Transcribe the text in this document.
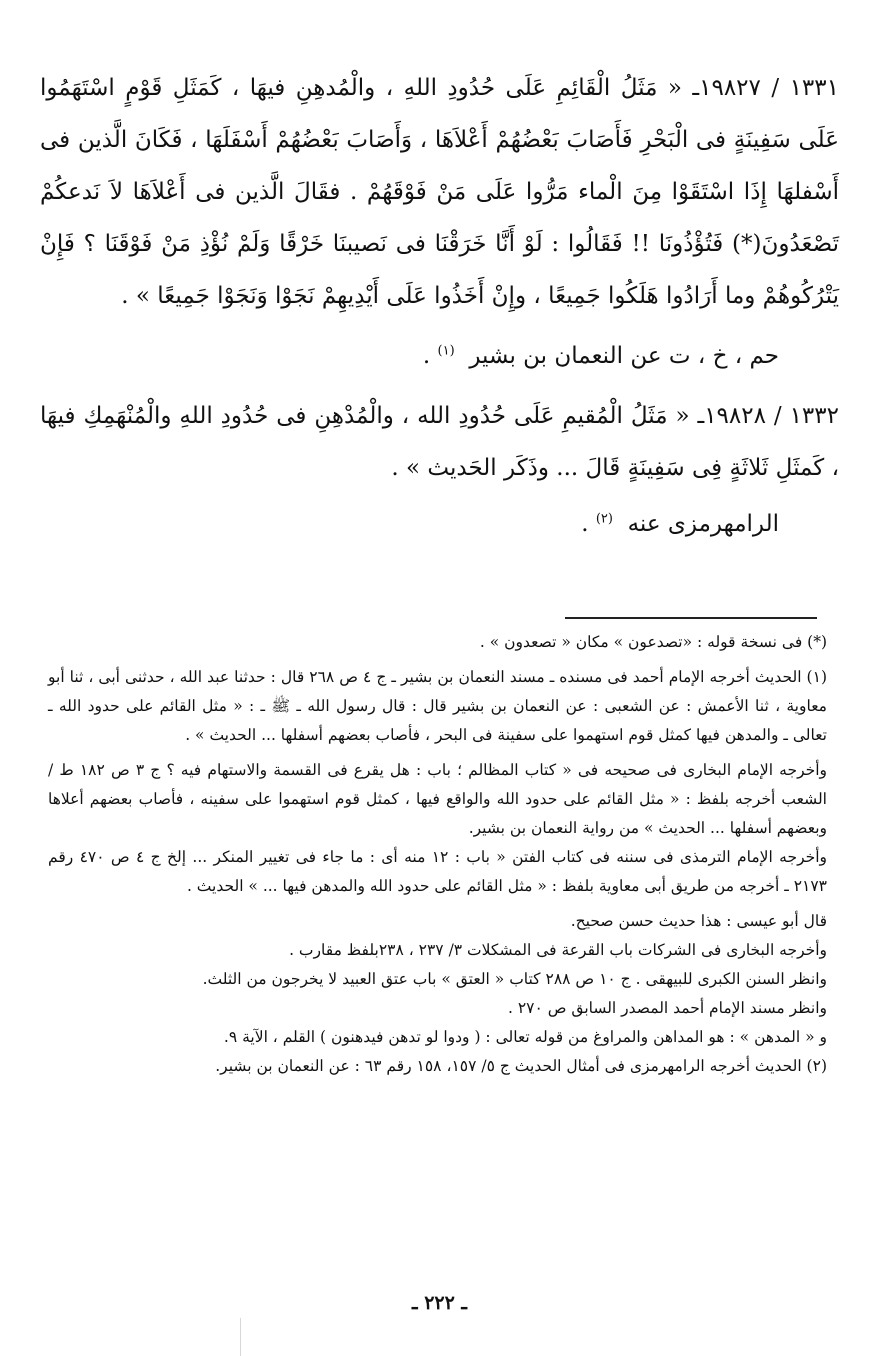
١٣٣١ / ١٩٨٢٧ـ « مَثَلُ الْقَائِمِ عَلَى حُدُودِ اللهِ ، والْمُدهِنِ فيهَا ، كَمَثَلِ قَوْمٍ اسْتَهَمُوا عَلَى سَفِينَةٍ فى الْبَحْرِ فَأَصَابَ بَعْضُهُمْ أَعْلاَهَا ، وَأَصَابَ بَعْضُهُمْ أَسْفَلَهَا ، فَكَانَ الَّذين فى أَسْفلهَا إِذَا اسْتَقَوْا مِنَ الْماء مَرُّوا عَلَى مَنْ فَوْقَهُمْ . فقَالَ الَّذين فى أَعْلاَهَا لاَ نَدعكُمْ تَصْعَدُونَ(*) فَتُؤْذُونَا !! فَقَالُوا : لَوْ أَنَّا خَرَقْنَا فى نَصيبنَا خَرْقًا وَلَمْ نُؤْذِ مَنْ فَوْقَنَا ؟ فَإِنْ يَتْرُكُوهُمْ وما أَرَادُوا هَلَكُوا جَمِيعًا ، وإِنْ أَخَذُوا عَلَى أَيْدِيهِمْ نَجَوْا وَنَجَوْا جَمِيعًا » .

حم ، خ ، ت عن النعمان بن بشير  $^{(١)}$ .

١٣٣٢ / ١٩٨٢٨ـ « مَثَلُ الْمُقيمِ عَلَى حُدُودِ الله ، والْمُدْهِنِ فى حُدُودِ اللهِ والْمُنْهَمِكِ فيهَا ، كَمثَلِ ثَلاثَةٍ فِى سَفِينَةٍ قَالَ ... وذَكَر الحَديث » .

الرامهرمزى عنه  $^{(٢)}$ .

(*) فى نسخة قوله : «تصدعون » مكان « تصعدون » .

(١) الحديث أخرجه الإمام أحمد فى مسنده ـ مسند النعمان بن بشير ـ ج ٤ ص ٢٦٨ قال : حدثنا عبد الله ، حدثنى أبى ، ثنا أبو معاوية ، ثنا الأعمش : عن الشعبى : عن النعمان بن بشير قال : قال رسول الله ـ ﷺ ـ : « مثل القائم على حدود الله ـ تعالى ـ والمدهن فيها كمثل قوم استهموا على سفينة فى البحر ، فأصاب بعضهم أسفلها ... الحديث » .

وأخرجه الإمام البخارى فى صحيحه فى « كتاب المظالم ؛ باب : هل يقرع فى القسمة والاستهام فيه ؟ ج ٣ ص ١٨٢ ط / الشعب أخرجه بلفظ : « مثل القائم على حدود الله والواقع فيها ، كمثل قوم استهموا على سفينه ، فأصاب بعضهم أعلاها وبعضهم أسفلها ... الحديث » من رواية النعمان بن بشير.

وأخرجه الإمام الترمذى فى سننه فى كتاب الفتن « باب : ١٢ منه أى : ما جاء فى تغيير المنكر ... إلخ ج ٤ ص ٤٧٠ رقم ٢١٧٣ ـ أخرجه من طريق أبى معاوية بلفظ : « مثل القائم على حدود الله والمدهن فيها ... » الحديث .

قال أبو عيسى : هذا حديث حسن صحيح.

وأخرجه البخارى فى الشركات باب القرعة فى المشكلات ٣/ ٢٣٧ ، ٢٣٨بلفظ مقارب .

وانظر السنن الكبرى للبيهقى . ج ١٠ ص ٢٨٨ كتاب « العتق » باب عتق العبيد لا يخرجون من الثلث.

وانظر مسند الإمام أحمد المصدر السابق ص ٢٧٠ .

و « المدهن » : هو المداهن والمراوغ من قوله تعالى : ( ودوا لو تدهن فيدهنون ) القلم ، الآية ٩.

(٢) الحديث أخرجه الرامهرمزى فى أمثال الحديث ج ٥/ ١٥٧، ١٥٨ رقم ٦٣ : عن النعمان بن بشير.

ـ ٢٢٢ ـ
